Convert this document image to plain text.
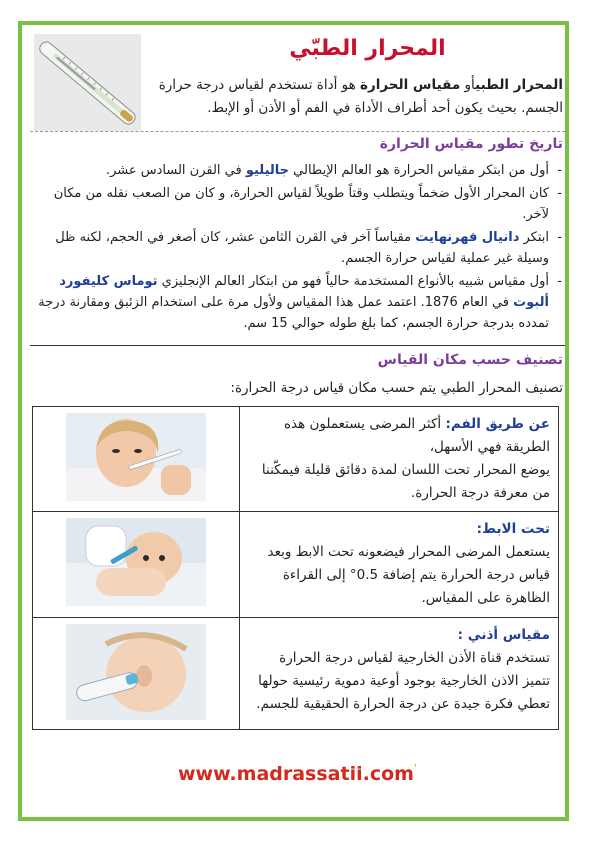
المحرار الطبّي
المحرار الطبيأو مقياس الحرارة هو أداة تستخدم لقياس درجة حرارة الجسم. بحيث يكون أحد أطراف الأداة في الفم أو الأذن أو الإبط.
تاريخ تطور مقياس الحرارة
- أول من ابتكر مقياس الحرارة هو العالم الإيطالي جاليليو في القرن السادس عشر.
- كان المحرار الأول ضخماً ويتطلب وقتاً طويلاً لقياس الحرارة، و كان من الصعب نقله من مكان لآخر.
- ابتكر دانيال فهرنهايت مقياساً آخر في القرن الثامن عشر، كان أصغر في الحجم، لكنه ظل وسيلة غير عملية لقياس حرارة الجسم.
- أول مقياس شبيه بالأنواع المستخدمة حالياً فهو من ابتكار العالم الإنجليزي توماس كليفورد ألبوت في العام 1876. اعتمد عمل هذا المقياس ولأول مرة على استخدام الزئبق ومقارنة درجة تمدده بدرجة حرارة الجسم، كما بلغ طوله حوالي 15 سم.
تصنيف حسب مكان القياس
تصنيف المحرار الطبي يتم حسب مكان قياس درجة الحرارة:
عن طريق الفم: أكثر المرضى يستعملون هذه الطريقة فهي الأسهل،
يوضع المحرار تحت اللسان لمدة دقائق قليلة فيمكّننا من معرفة درجة الحرارة.	

تحت الابط:
يستعمل المرضى المحرار فيضعونه تحت الابط وبعد قياس درجة الحرارة يتم إضافة 0.5° إلى القراءة الظاهرة على المقياس.	

مقياس أذني :
تستخدم قناة الأذن الخارجية لقياس درجة الحرارة
تتميز الاذن الخارجية بوجود أوعية دموية رئيسية حولها تعطي فكرة جيدة عن درجة الحرارة الحقيقية للجسم.	
www.madrassatii.com'
